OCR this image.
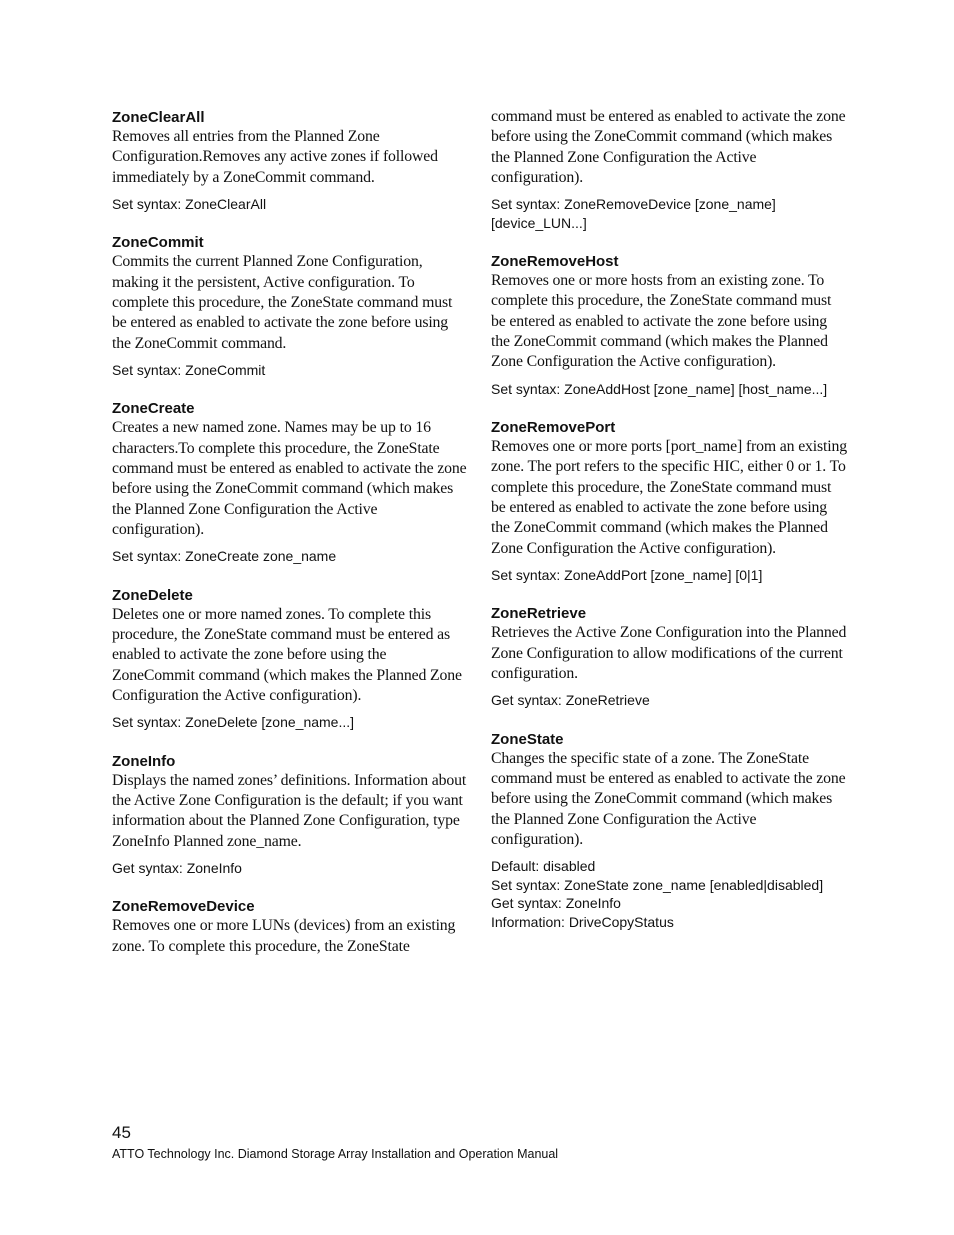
ZoneClearAll

Removes all entries from the Planned Zone Configuration.Removes any active zones if followed immediately by a ZoneCommit command.

Set syntax: ZoneClearAll

ZoneCommit

Commits the current Planned Zone Configuration, making it the persistent, Active configuration. To complete this procedure, the ZoneState command must be entered as enabled to activate the zone before using the ZoneCommit command.

Set syntax: ZoneCommit

ZoneCreate

Creates a new named zone. Names may be up to 16 characters.To complete this procedure, the ZoneState command must be entered as enabled to activate the zone before using the ZoneCommit command (which makes the Planned Zone Configuration the Active configuration).

Set syntax: ZoneCreate zone_name

ZoneDelete

Deletes one or more named zones. To complete this procedure, the ZoneState command must be entered as enabled to activate the zone before using the ZoneCommit command (which makes the Planned Zone Configuration the Active configuration).

Set syntax: ZoneDelete [zone_name...]

ZoneInfo

Displays the named zones’ definitions. Information about the Active Zone Configuration is the default; if you want information about the Planned Zone Configuration, type ZoneInfo Planned zone_name.

Get syntax: ZoneInfo

ZoneRemoveDevice

Removes one or more LUNs (devices) from an existing zone. To complete this procedure, the ZoneState

command must be entered as enabled to activate the zone before using the ZoneCommit command (which makes the Planned Zone Configuration the Active configuration).

Set syntax: ZoneRemoveDevice [zone_name] [device_LUN...]

ZoneRemoveHost

Removes one or more hosts from an existing zone. To complete this procedure, the ZoneState command must be entered as enabled to activate the zone before using the ZoneCommit command (which makes the Planned Zone Configuration the Active configuration).

Set syntax: ZoneAddHost [zone_name] [host_name...]

ZoneRemovePort

Removes one or more ports [port_name] from an existing zone. The port refers to the specific HIC, either 0 or 1. To complete this procedure, the ZoneState command must be entered as enabled to activate the zone before using the ZoneCommit command (which makes the Planned Zone Configuration the Active configuration).

Set syntax: ZoneAddPort [zone_name] [0|1]

ZoneRetrieve

Retrieves the Active Zone Configuration into the Planned Zone Configuration to allow modifications of the current configuration.

Get syntax: ZoneRetrieve

ZoneState

Changes the specific state of a zone. The ZoneState command must be entered as enabled to activate the zone before using the ZoneCommit command (which makes the Planned Zone Configuration the Active configuration).

Default: disabled
Set syntax: ZoneState zone_name [enabled|disabled]
Get syntax: ZoneInfo
Information: DriveCopyStatus
45
ATTO Technology Inc. Diamond Storage Array Installation and Operation Manual
